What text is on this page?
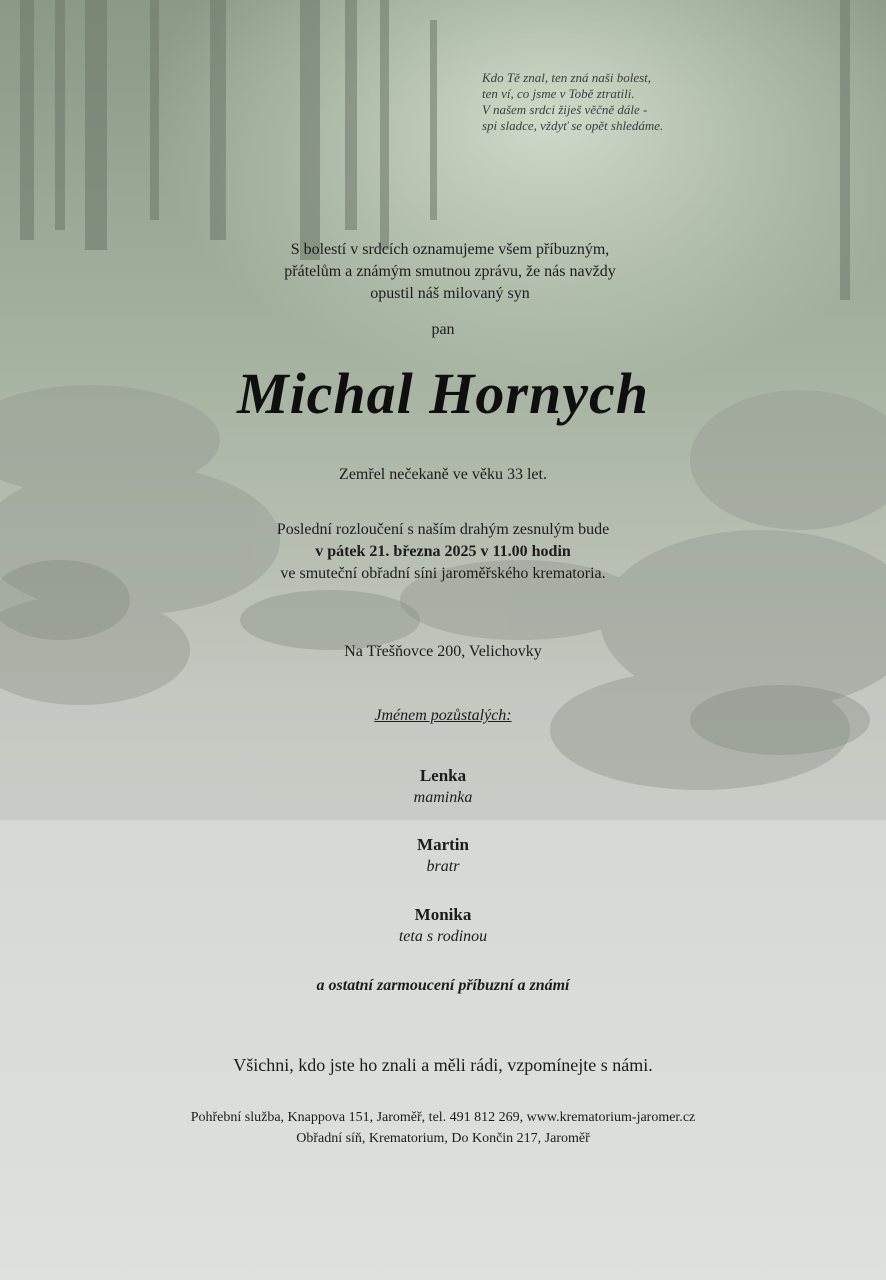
Kdo Tě znal, ten zná naši bolest,
ten ví, co jsme v Tobě ztratili.
V našem srdci žiješ věčně dále -
spi sladce, vždyť se opět shledáme.
S bolestí v srdcích oznamujeme všem příbuzným,
přátelům a známým smutnou zprávu, že nás navždy
opustil náš milovaný syn
pan
Michal Hornych
Zemřel nečekaně ve věku 33 let.
Poslední rozloučení s naším drahým zesnulým bude
v pátek 21. března 2025 v 11.00 hodin
ve smuteční obřadní síni jaroměřského krematoria.
Na Třešňovce 200, Velichovky
Jménem pozůstalých:
Lenka
maminka
Martin
bratr
Monika
teta s rodinou
a ostatní zarmoucení příbuzní a známí
Všichni, kdo jste ho znali a měli rádi, vzpomínejte s námi.
Pohřební služba, Knappova 151, Jaroměř, tel. 491 812 269, www.krematorium-jaromer.cz
Obřadní síň, Krematorium, Do Končin 217, Jaroměř
